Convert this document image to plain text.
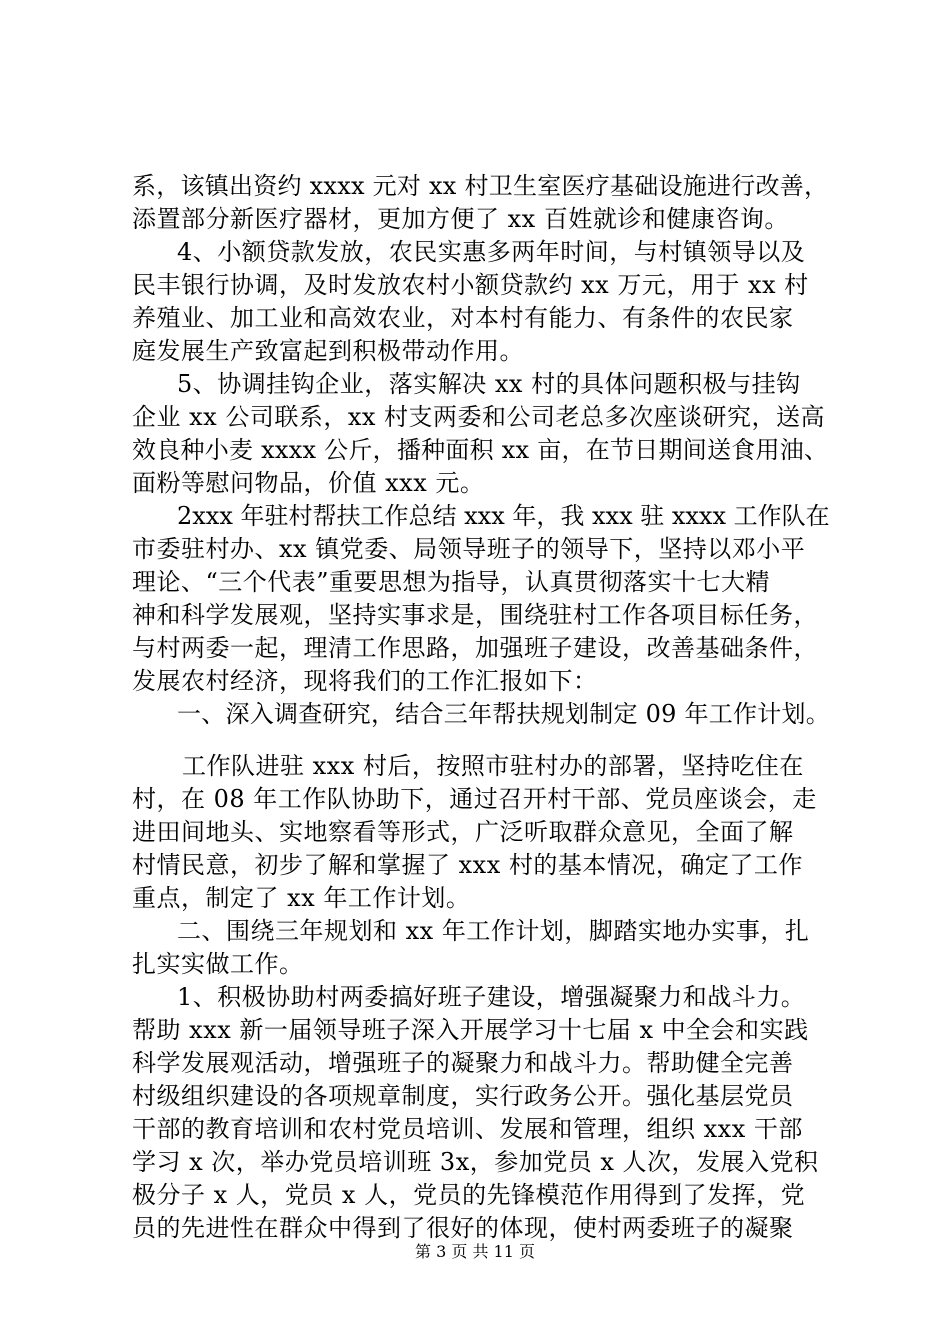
系，该镇出资约 xxxx 元对 xx 村卫生室医疗基础设施进行改善，
添置部分新医疗器材，更加方便了 xx 百姓就诊和健康咨询。
4、小额贷款发放，农民实惠多两年时间，与村镇领导以及
民丰银行协调，及时发放农村小额贷款约 xx 万元，用于 xx 村
养殖业、加工业和高效农业，对本村有能力、有条件的农民家
庭发展生产致富起到积极带动作用。
5、协调挂钩企业，落实解决 xx 村的具体问题积极与挂钩
企业 xx 公司联系，xx 村支两委和公司老总多次座谈研究，送高
效良种小麦 xxxx 公斤，播种面积 xx 亩，在节日期间送食用油、
面粉等慰问物品，价值 xxx 元。
2xxx 年驻村帮扶工作总结 xxx 年，我 xxx 驻 xxxx 工作队在
市委驻村办、xx 镇党委、局领导班子的领导下，坚持以邓小平
理论、“三个代表”重要思想为指导，认真贯彻落实十七大精
神和科学发展观，坚持实事求是，围绕驻村工作各项目标任务，
与村两委一起，理清工作思路，加强班子建设，改善基础条件，
发展农村经济，现将我们的工作汇报如下：
一、深入调查研究，结合三年帮扶规划制定 09 年工作计划。
工作队进驻 xxx 村后，按照市驻村办的部署，坚持吃住在
村，在 08 年工作队协助下，通过召开村干部、党员座谈会，走
进田间地头、实地察看等形式，广泛听取群众意见，全面了解
村情民意，初步了解和掌握了 xxx 村的基本情况，确定了工作
重点，制定了 xx 年工作计划。
二、围绕三年规划和 xx 年工作计划，脚踏实地办实事，扎
扎实实做工作。
1、积极协助村两委搞好班子建设，增强凝聚力和战斗力。
帮助 xxx 新一届领导班子深入开展学习十七届 x 中全会和实践
科学发展观活动，增强班子的凝聚力和战斗力。帮助健全完善
村级组织建设的各项规章制度，实行政务公开。强化基层党员
干部的教育培训和农村党员培训、发展和管理，组织 xxx 干部
学习 x 次，举办党员培训班 3x，参加党员 x 人次，发展入党积
极分子 x 人，党员 x 人，党员的先锋模范作用得到了发挥，党
员的先进性在群众中得到了很好的体现，使村两委班子的凝聚
第 3 页 共 11 页
